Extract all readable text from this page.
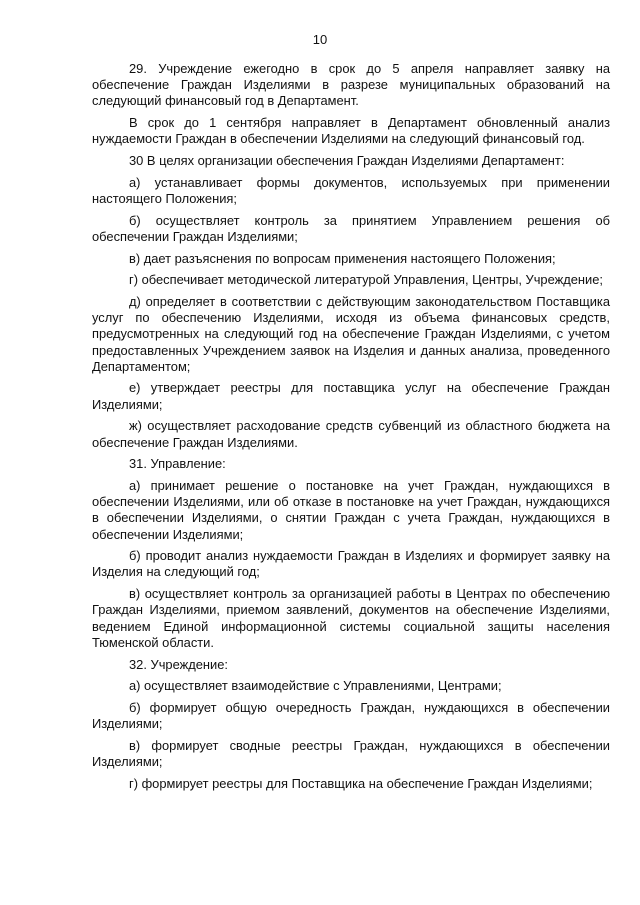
10

29. Учреждение ежегодно в срок до 5 апреля направляет заявку на обеспечение Граждан Изделиями в разрезе муниципальных образований на следующий финансовый год в Департамент.

В срок до 1 сентября направляет в Департамент обновленный анализ нуждаемости Граждан в обеспечении Изделиями на следующий финансовый год.

30 В целях организации обеспечения Граждан Изделиями Департамент:

а) устанавливает формы документов, используемых при применении настоящего Положения;

б) осуществляет контроль за принятием Управлением решения об обеспечении Граждан Изделиями;

в) дает разъяснения по вопросам применения настоящего Положения;

г) обеспечивает методической литературой Управления, Центры, Учреждение;

д) определяет в соответствии с действующим законодательством Поставщика услуг по обеспечению Изделиями, исходя из объема финансовых средств, предусмотренных на следующий год на обеспечение Граждан Изделиями, с учетом предоставленных Учреждением заявок на Изделия и данных анализа, проведенного Департаментом;

е) утверждает реестры для поставщика услуг на обеспечение Граждан Изделиями;

ж) осуществляет расходование средств субвенций из областного бюджета на обеспечение Граждан Изделиями.

31. Управление:

а) принимает решение о постановке на учет Граждан, нуждающихся в обеспечении Изделиями, или об отказе в постановке на учет Граждан, нуждающихся в обеспечении Изделиями, о снятии Граждан с учета Граждан, нуждающихся в обеспечении Изделиями;

б) проводит анализ нуждаемости Граждан в Изделиях и формирует заявку на Изделия на следующий год;

в) осуществляет контроль за организацией работы в Центрах по обеспечению Граждан Изделиями, приемом заявлений, документов на обеспечение Изделиями, ведением Единой информационной системы социальной защиты населения Тюменской области.

32. Учреждение:

а) осуществляет взаимодействие с Управлениями, Центрами;

б) формирует общую очередность Граждан, нуждающихся в обеспечении Изделиями;

в) формирует сводные реестры Граждан, нуждающихся в обеспечении Изделиями;

г) формирует реестры для Поставщика на обеспечение Граждан Изделиями;
